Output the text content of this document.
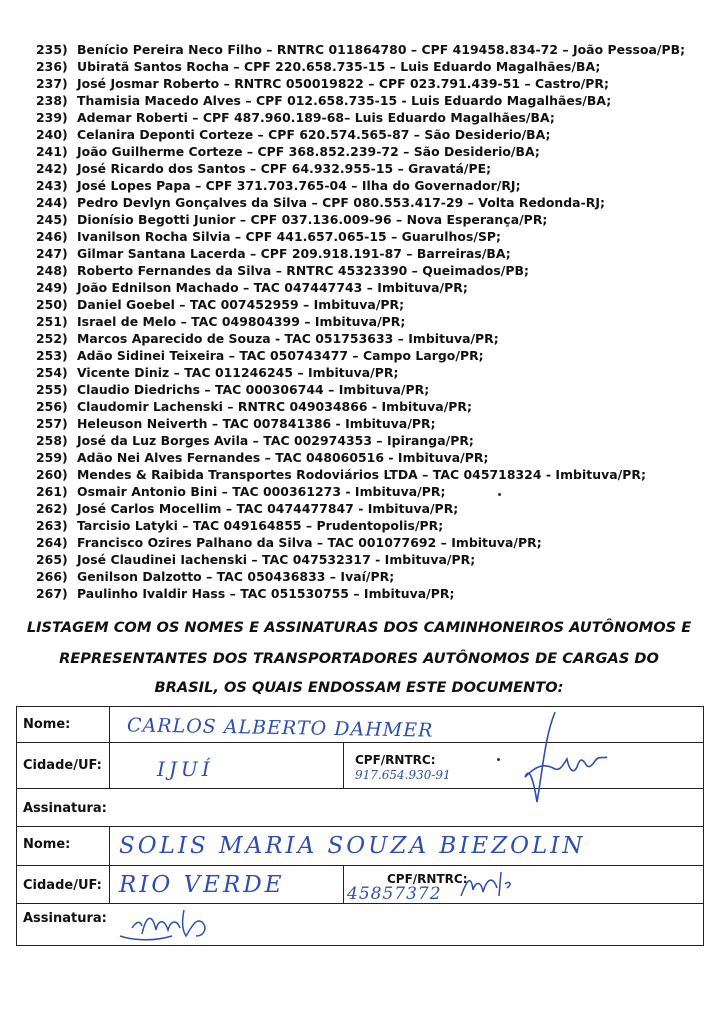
235) Benício Pereira Neco Filho – RNTRC 011864780 – CPF 419458.834-72 – João Pessoa/PB;
236) Ubiratã Santos Rocha – CPF 220.658.735-15 – Luis Eduardo Magalhães/BA;
237) José Josmar Roberto – RNTRC 050019822 – CPF 023.791.439-51 – Castro/PR;
238) Thamisia Macedo Alves – CPF 012.658.735-15 - Luis Eduardo Magalhães/BA;
239) Ademar Roberti – CPF 487.960.189-68– Luis Eduardo Magalhães/BA;
240) Celanira Deponti Corteze – CPF 620.574.565-87 – São Desiderio/BA;
241) João Guilherme Corteze – CPF 368.852.239-72 – São Desiderio/BA;
242) José Ricardo dos Santos – CPF 64.932.955-15 – Gravatá/PE;
243) José Lopes Papa – CPF 371.703.765-04 – Ilha do Governador/RJ;
244) Pedro Devlyn Gonçalves da Silva – CPF 080.553.417-29 – Volta Redonda-RJ;
245) Dionísio Begotti Junior – CPF 037.136.009-96 – Nova Esperança/PR;
246) Ivanilson Rocha Silvia – CPF 441.657.065-15 – Guarulhos/SP;
247) Gilmar Santana Lacerda – CPF 209.918.191-87 – Barreiras/BA;
248) Roberto Fernandes da Silva – RNTRC 45323390 – Queimados/PB;
249) João Ednilson Machado – TAC 047447743 – Imbituva/PR;
250) Daniel Goebel – TAC 007452959 – Imbituva/PR;
251) Israel de Melo – TAC 049804399 – Imbituva/PR;
252) Marcos Aparecido de Souza - TAC 051753633 – Imbituva/PR;
253) Adão Sidinei Teixeira – TAC 050743477 – Campo Largo/PR;
254) Vicente Diniz – TAC 011246245 – Imbituva/PR;
255) Claudio Diedrichs – TAC 000306744 – Imbituva/PR;
256) Claudomir Lachenski – RNTRC 049034866 - Imbituva/PR;
257) Heleuson Neiverth – TAC 007841386 - Imbituva/PR;
258) José da Luz Borges Avila – TAC 002974353 – Ipiranga/PR;
259) Adão Nei Alves Fernandes – TAC 048060516 - Imbituva/PR;
260) Mendes & Raibida Transportes Rodoviários LTDA – TAC 045718324 - Imbituva/PR;
261) Osmair Antonio Bini – TAC 000361273 - Imbituva/PR;
262) José Carlos Mocellim – TAC 0474477847 - Imbituva/PR;
263) Tarcisio Latyki – TAC 049164855 – Prudentopolis/PR;
264) Francisco Ozires Palhano da Silva – TAC 001077692 – Imbituva/PR;
265) José Claudinei Iachenski – TAC 047532317 - Imbituva/PR;
266) Genilson Dalzotto – TAC 050436833 – Ivaí/PR;
267) Paulinho Ivaldir Hass – TAC 051530755 – Imbituva/PR;
LISTAGEM COM OS NOMES E ASSINATURAS DOS CAMINHONEIROS AUTÔNOMOS E
REPRESENTANTES DOS TRANSPORTADORES AUTÔNOMOS DE CARGAS DO
BRASIL, OS QUAIS ENDOSSAM ESTE DOCUMENTO:
Nome:	CARLOS ALBERTO DAHMER
Cidade/UF:	IJUÍ	CPF/RNTRC:
917.654.930-91
Assinatura:
Nome: SOLIS MARIA SOUZA BIEZOLIN
Cidade/UF: RIO VERDE	CPF/RNTRC:
45857372
Assinatura:
